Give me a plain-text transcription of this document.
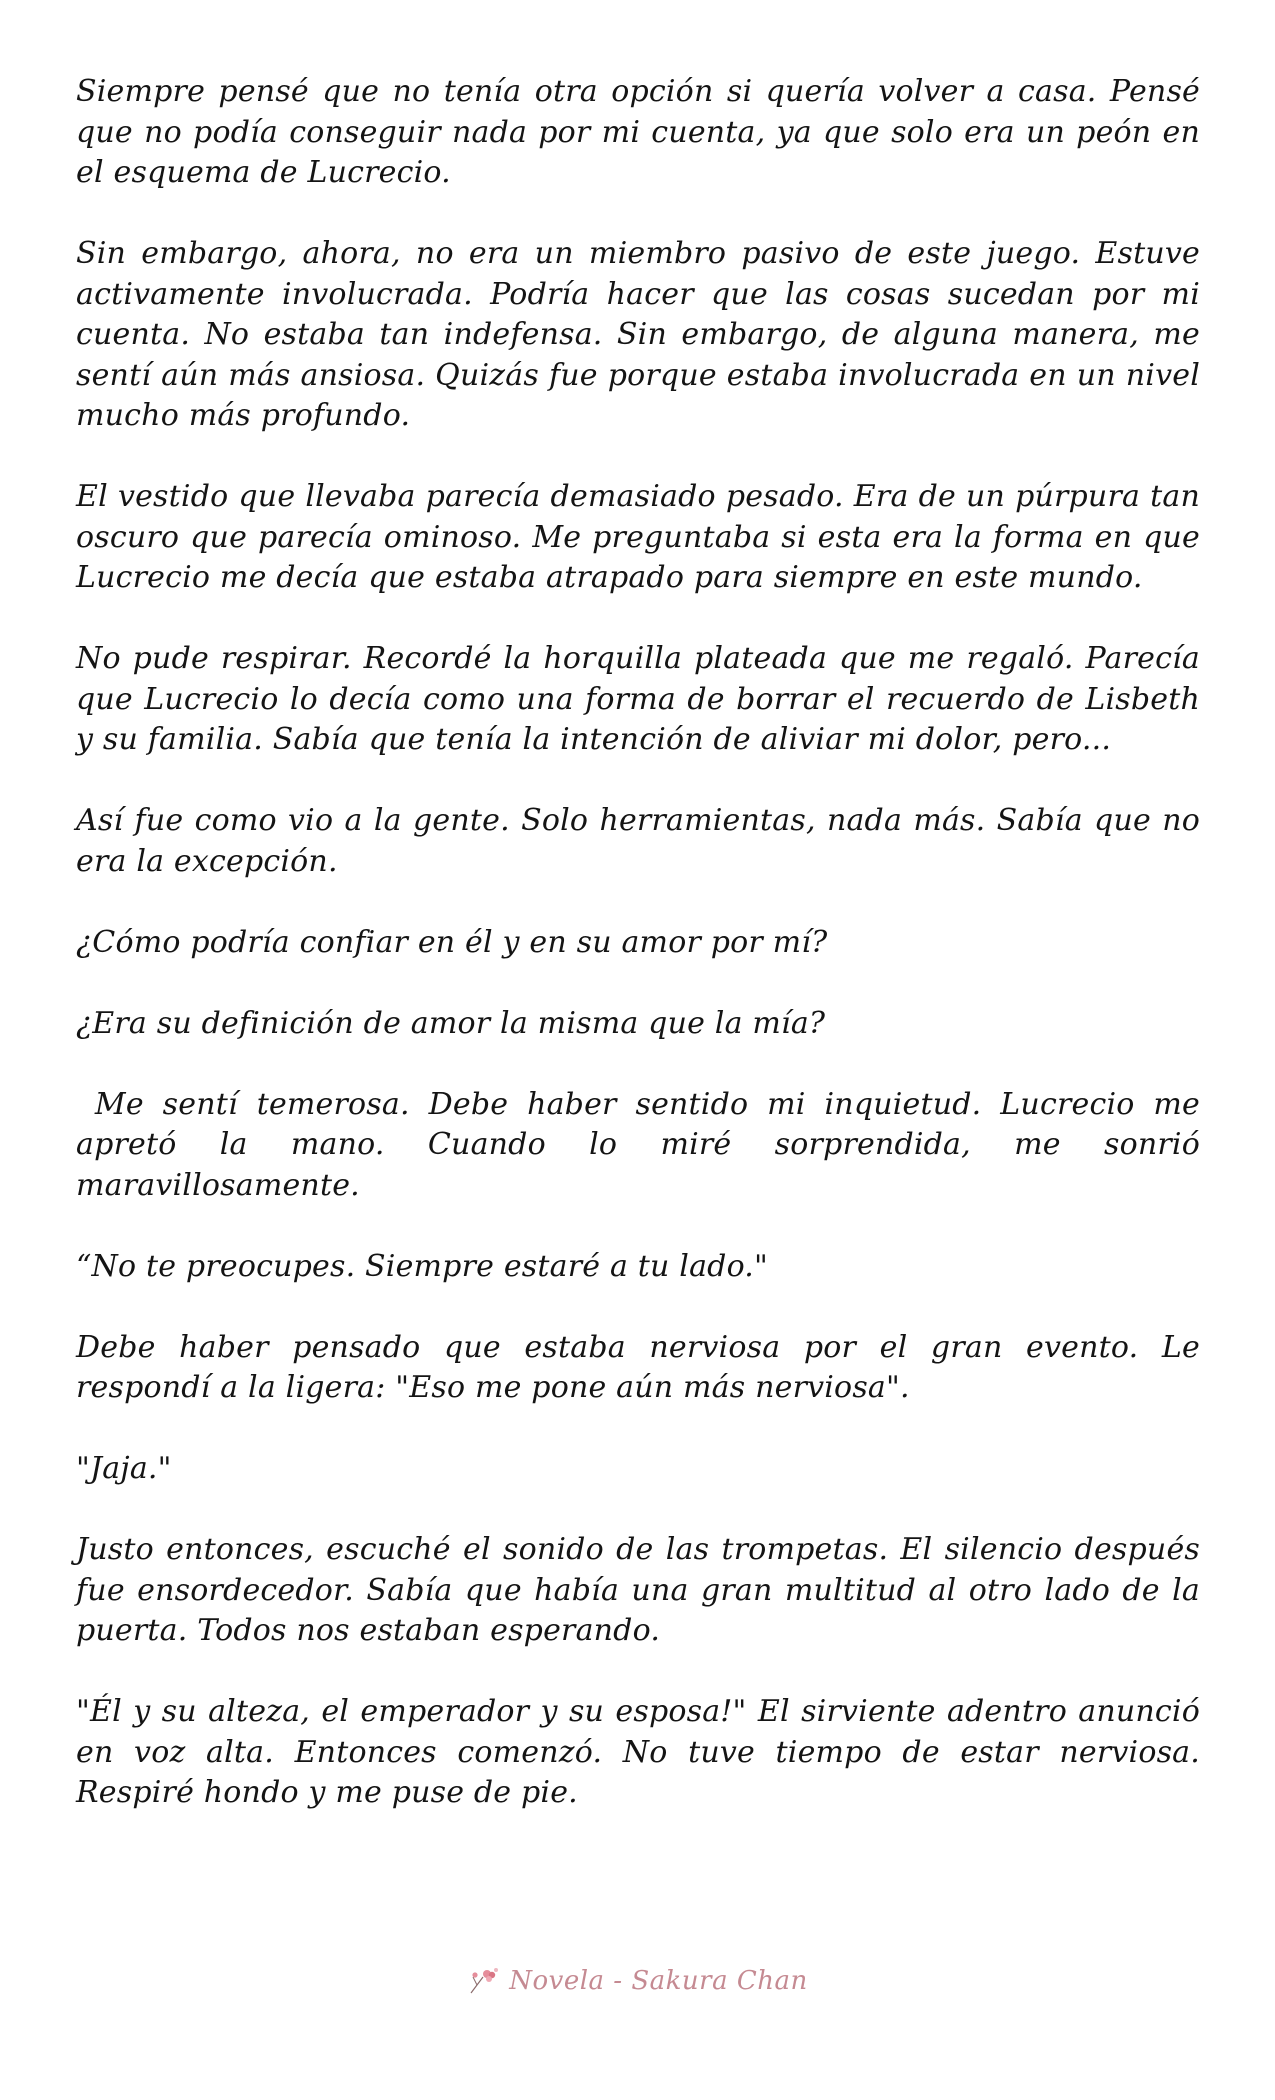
Siempre pensé que no tenía otra opción si quería volver a casa. Pensé que no podía conseguir nada por mi cuenta, ya que solo era un peón en el esquema de Lucrecio.

Sin embargo, ahora, no era un miembro pasivo de este juego. Estuve activamente involucrada. Podría hacer que las cosas sucedan por mi cuenta. No estaba tan indefensa. Sin embargo, de alguna manera, me sentí aún más ansiosa. Quizás fue porque estaba involucrada en un nivel mucho más profundo.

El vestido que llevaba parecía demasiado pesado. Era de un púrpura tan oscuro que parecía ominoso. Me preguntaba si esta era la forma en que Lucrecio me decía que estaba atrapado para siempre en este mundo.

No pude respirar. Recordé la horquilla plateada que me regaló. Parecía que Lucrecio lo decía como una forma de borrar el recuerdo de Lisbeth y su familia. Sabía que tenía la intención de aliviar mi dolor, pero...

Así fue como vio a la gente. Solo herramientas, nada más. Sabía que no era la excepción.

¿Cómo podría confiar en él y en su amor por mí?

¿Era su definición de amor la misma que la mía?

Me sentí temerosa. Debe haber sentido mi inquietud. Lucrecio me apretó la mano. Cuando lo miré sorprendida, me sonrió maravillosamente.

“No te preocupes. Siempre estaré a tu lado."

Debe haber pensado que estaba nerviosa por el gran evento. Le respondí a la ligera: "Eso me pone aún más nerviosa".

"Jaja."

Justo entonces, escuché el sonido de las trompetas. El silencio después fue ensordecedor. Sabía que había una gran multitud al otro lado de la puerta. Todos nos estaban esperando.

"Él y su alteza, el emperador y su esposa!" El sirviente adentro anunció en voz alta. Entonces comenzó. No tuve tiempo de estar nerviosa. Respiré hondo y me puse de pie.

Novela - Sakura Chan
